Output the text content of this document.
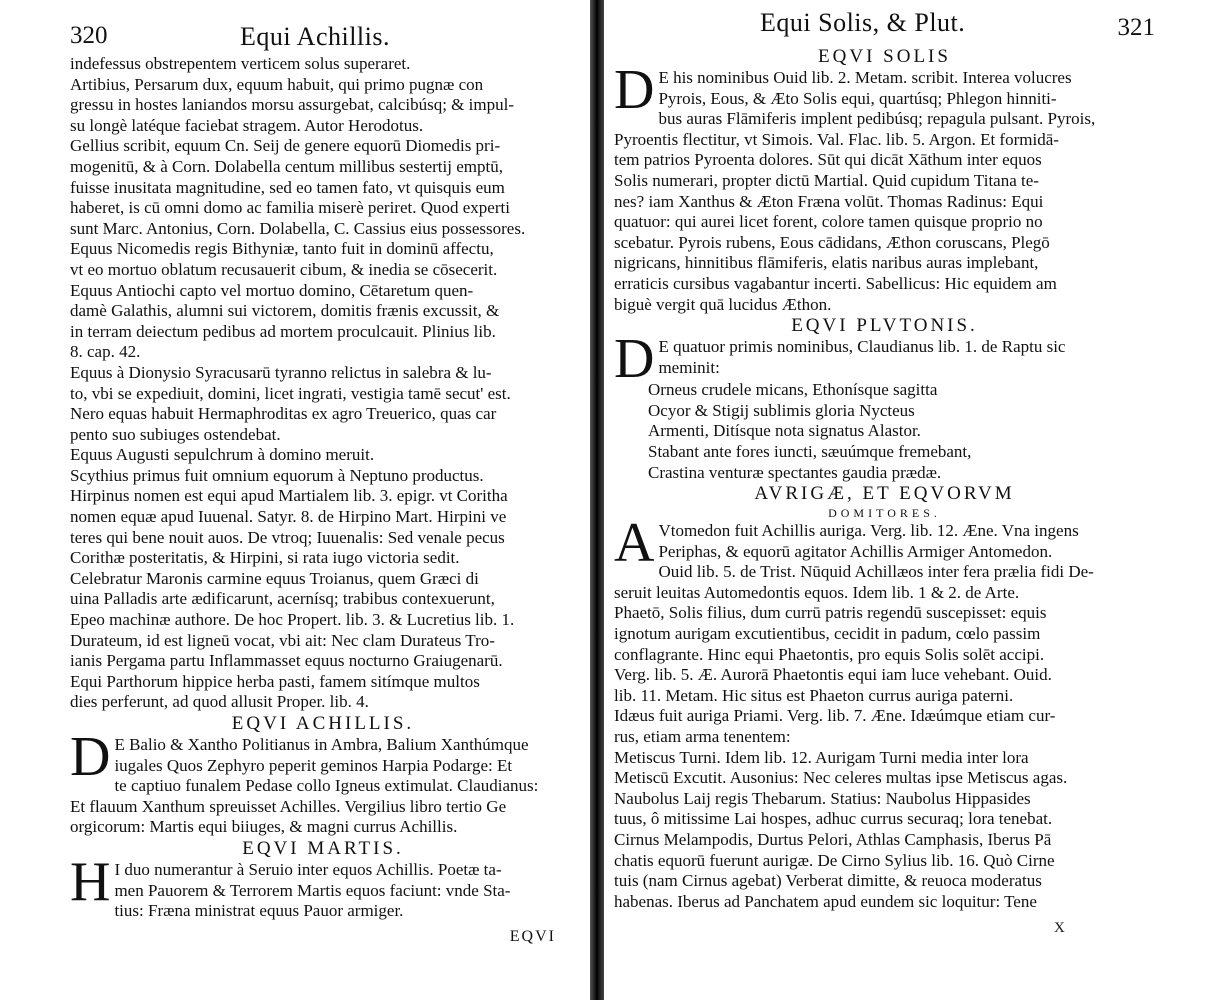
320	Equi Achillis.
indefessus obstrepentem verticem solus superaret.
Artibius, Persarum dux, equum habuit, qui primo pugnæ con
gressu in hostes laniandos morsu assurgebat, calcibúsq; & impul-
su longè latéque faciebat stragem. Autor Herodotus.
Gellius scribit, equum Cn. Seij de genere equorū Diomedis pri-
mogenitū, & à Corn. Dolabella centum millibus sestertij emptū,
fuisse inusitata magnitudine, sed eo tamen fato, vt quisquis eum
haberet, is cū omni domo ac familia miserè periret. Quod experti
sunt Marc. Antonius, Corn. Dolabella, C. Cassius eius possessores.
Equus Nicomedis regis Bithyniæ, tanto fuit in dominū affectu,
vt eo mortuo oblatum recusauerit cibum, & inedia se cōsecerit.
Equus Antiochi capto vel mortuo domino, Cētaretum quen-
damè Galathis, alumni sui victorem, domitis frænis excussit, &
in terram deiectum pedibus ad mortem proculcauit. Plinius lib.
8. cap. 42.
Equus à Dionysio Syracusarū tyranno relictus in salebra & lu-
to, vbi se expediuit, domini, licet ingrati, vestigia tamē secut' est.
Nero equas habuit Hermaphroditas ex agro Treuerico, quas car
pento suo subiuges ostendebat.
Equus Augusti sepulchrum à domino meruit.
Scythius primus fuit omnium equorum à Neptuno productus.
Hirpinus nomen est equi apud Martialem lib. 3. epigr. vt Coritha
nomen equæ apud Iuuenal. Satyr. 8. de Hirpino Mart. Hirpini ve
teres qui bene nouit auos. De vtroq; Iuuenalis: Sed venale pecus
Corithæ posteritatis, & Hirpini, si rata iugo victoria sedit.
Celebratur Maronis carmine equus Troianus, quem Græci di
uina Palladis arte ædificarunt, acernísq; trabibus contexuerunt,
Epeo machinæ authore. De hoc Propert. lib. 3. & Lucretius lib. 1.
Durateum, id est ligneū vocat, vbi ait: Nec clam Durateus Tro-
ianis Pergama partu Inflammasset equus nocturno Graiugenarū.
Equi Parthorum hippice herba pasti, famem sitímque multos
dies perferunt, ad quod allusit Proper. lib. 4.
EQVI ACHILLIS.
D E Balio & Xantho Politianus in Ambra, Balium Xanthúmque
iugales Quos Zephyro peperit geminos Harpia Podarge: Et
te captiuo funalem Pedase collo Igneus extimulat. Claudianus:
Et flauum Xanthum spreuisset Achilles. Vergilius libro tertio Ge
orgicorum: Martis equi biiuges, & magni currus Achillis.
EQVI MARTIS.
H I duo numerantur à Seruio inter equos Achillis. Poetæ ta-
men Pauorem & Terrorem Martis equos faciunt: vnde Sta-
tius: Fræna ministrat equus Pauor armiger.
EQVI
Equi Solis, & Plut.	321
EQVI SOLIS
D E his nominibus Ouid lib. 2. Metam. scribit. Interea volucres
Pyrois, Eous, & Æto Solis equi, quartúsq; Phlegon hinniti-
bus auras Flāmiferis implent pedibúsq; repagula pulsant. Pyrois,
Pyroentis flectitur, vt Simois. Val. Flac. lib. 5. Argon. Et formidā-
tem patrios Pyroenta dolores. Sūt qui dicāt Xāthum inter equos
Solis numerari, propter dictū Martial. Quid cupidum Titana te-
nes? iam Xanthus & Æton Fræna volūt. Thomas Radinus: Equi
quatuor: qui aurei licet forent, colore tamen quisque proprio no
scebatur. Pyrois rubens, Eous cādidans, Æthon coruscans, Plegō
nigricans, hinnitibus flāmiferis, elatis naribus auras implebant,
erraticis cursibus vagabantur incerti. Sabellicus: Hic equidem am
biguè vergit quā lucidus Æthon.
EQVI PLVTONIS.
D E quatuor primis nominibus, Claudianus lib. 1. de Raptu sic
meminit:
Orneus crudele micans, Ethonísque sagitta
Ocyor & Stigij sublimis gloria Nycteus
Armenti, Ditísque nota signatus Alastor.
Stabant ante fores iuncti, sæuúmque fremebant,
Crastina venturæ spectantes gaudia prædæ.
AVRIGÆ, ET EQVORVM
DOMITORES.
A Vtomedon fuit Achillis auriga. Verg. lib. 12. Æne. Vna ingens
Periphas, & equorū agitator Achillis Armiger Antomedon.
Ouid lib. 5. de Trist. Nūquid Achillæos inter fera prælia fidi De-
seruit leuitas Automedontis equos. Idem lib. 1 & 2. de Arte.
Phaetō, Solis filius, dum currū patris regendū suscepisset: equis
ignotum aurigam excutientibus, cecidit in padum, cœlo passim
conflagrante. Hinc equi Phaetontis, pro equis Solis solēt accipi.
Verg. lib. 5. Æ. Aurorā Phaetontis equi iam luce vehebant. Ouid.
lib. 11. Metam. Hic situs est Phaeton currus auriga paterni.
Idæus fuit auriga Priami. Verg. lib. 7. Æne. Idæúmque etiam cur-
rus, etiam arma tenentem:
Metiscus Turni. Idem lib. 12. Aurigam Turni media inter lora
Metiscū Excutit. Ausonius: Nec celeres multas ipse Metiscus agas.
Naubolus Laij regis Thebarum. Statius: Naubolus Hippasides
tuus, ô mitissime Lai hospes, adhuc currus securaq; lora tenebat.
Cirnus Melampodis, Durtus Pelori, Athlas Camphasis, Iberus Pā
chatis equorū fuerunt aurigæ. De Cirno Sylius lib. 16. Quò Cirne
tuis (nam Cirnus agebat) Verberat dimitte, & reuoca moderatus
habenas. Iberus ad Panchatem apud eundem sic loquitur: Tene
X
